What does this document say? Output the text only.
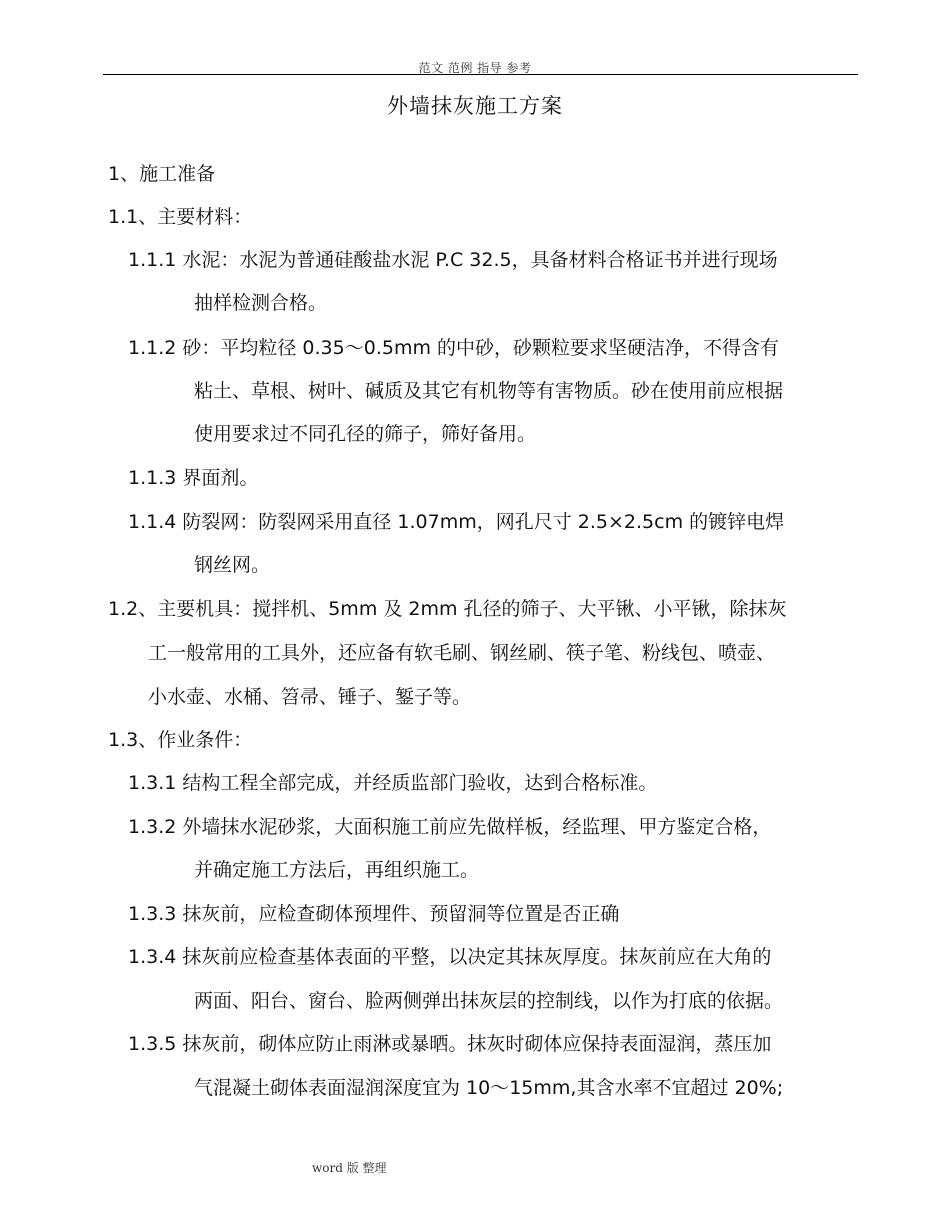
范文 范例 指导 参考
外墙抹灰施工方案
1、施工准备
1.1、主要材料：
1.1.1 水泥：水泥为普通硅酸盐水泥 P.C 32.5，具备材料合格证书并进行现场
抽样检测合格。
1.1.2 砂：平均粒径 0.35～0.5mm 的中砂，砂颗粒要求坚硬洁净，不得含有
粘土、草根、树叶、碱质及其它有机物等有害物质。砂在使用前应根据
使用要求过不同孔径的筛子，筛好备用。
1.1.3 界面剂。
1.1.4 防裂网：防裂网采用直径 1.07mm，网孔尺寸 2.5×2.5cm 的镀锌电焊
钢丝网。
1.2、主要机具：搅拌机、5mm 及 2mm 孔径的筛子、大平锹、小平锹，除抹灰
工一般常用的工具外，还应备有软毛刷、钢丝刷、筷子笔、粉线包、喷壶、
小水壶、水桶、笤帚、锤子、錾子等。
1.3、作业条件：
1.3.1 结构工程全部完成，并经质监部门验收，达到合格标准。
1.3.2 外墙抹水泥砂浆，大面积施工前应先做样板，经监理、甲方鉴定合格，
并确定施工方法后，再组织施工。
1.3.3 抹灰前，应检查砌体预埋件、预留洞等位置是否正确
1.3.4 抹灰前应检查基体表面的平整，以决定其抹灰厚度。抹灰前应在大角的
两面、阳台、窗台、脸两侧弹出抹灰层的控制线，以作为打底的依据。
1.3.5 抹灰前，砌体应防止雨淋或暴晒。抹灰时砌体应保持表面湿润，蒸压加
气混凝土砌体表面湿润深度宜为 10～15mm,其含水率不宜超过 20%;
word 版 整理
